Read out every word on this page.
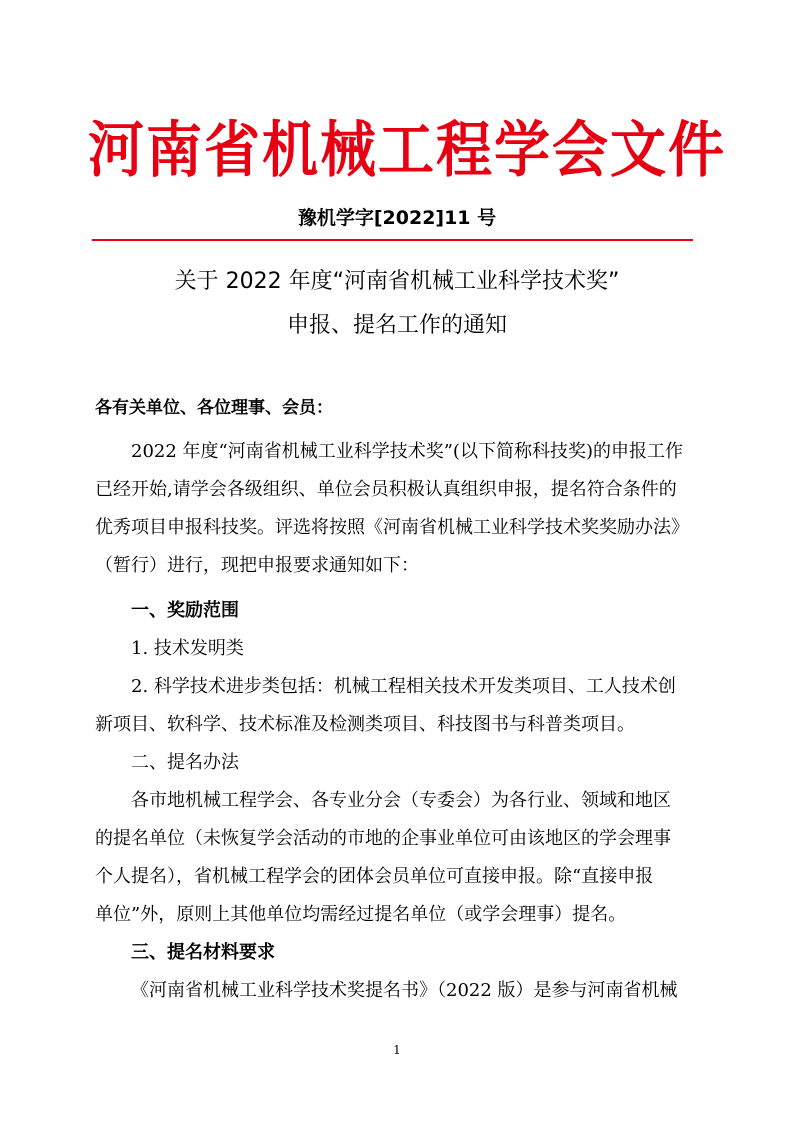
河南省机械工程学会文件
豫机学字[2022]11 号
关于 2022 年度“河南省机械工业科学技术奖”
申报、提名工作的通知
各有关单位、各位理事、会员：
2022 年度“河南省机械工业科学技术奖”(以下简称科技奖)的申报工作
已经开始,请学会各级组织、单位会员积极认真组织申报，提名符合条件的
优秀项目申报科技奖。评选将按照《河南省机械工业科学技术奖奖励办法》
（暂行）进行，现把申报要求通知如下：
一、奖励范围
1. 技术发明类
2. 科学技术进步类包括：机械工程相关技术开发类项目、工人技术创
新项目、软科学、技术标准及检测类项目、科技图书与科普类项目。
二、提名办法
各市地机械工程学会、各专业分会（专委会）为各行业、领域和地区
的提名单位（未恢复学会活动的市地的企事业单位可由该地区的学会理事
个人提名），省机械工程学会的团体会员单位可直接申报。除“直接申报
单位”外，原则上其他单位均需经过提名单位（或学会理事）提名。
三、提名材料要求
《河南省机械工业科学技术奖提名书》（2022 版）是参与河南省机械
1
